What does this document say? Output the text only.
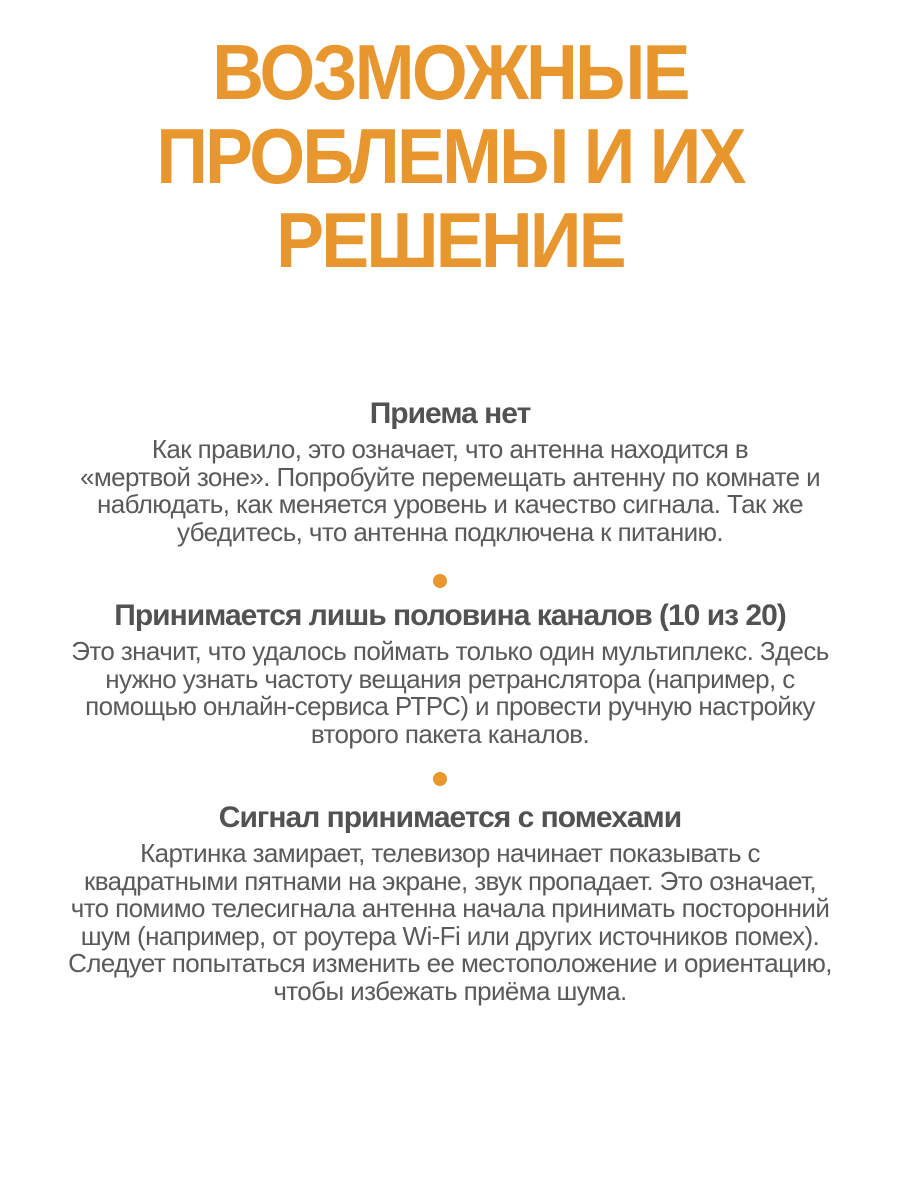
ВОЗМОЖНЫЕ
ПРОБЛЕМЫ И ИХ
РЕШЕНИЕ
Приема нет
Как правило, это означает, что антенна находится в
«мертвой зоне». Попробуйте перемещать антенну по комнате и
наблюдать, как меняется уровень и качество сигнала. Так же
убедитесь, что антенна подключена к питанию.
Принимается лишь половина каналов (10 из 20)
Это значит, что удалось поймать только один мультиплекс. Здесь
нужно узнать частоту вещания ретранслятора (например, с
помощью онлайн-сервиса РТРС) и провести ручную настройку
второго пакета каналов.
Сигнал принимается с помехами
Картинка замирает, телевизор начинает показывать с
квадратными пятнами на экране, звук пропадает. Это означает,
что помимо телесигнала антенна начала принимать посторонний
шум (например, от роутера Wi-Fi или других источников помех).
Следует попытаться изменить ее местоположение и ориентацию,
чтобы избежать приёма шума.
